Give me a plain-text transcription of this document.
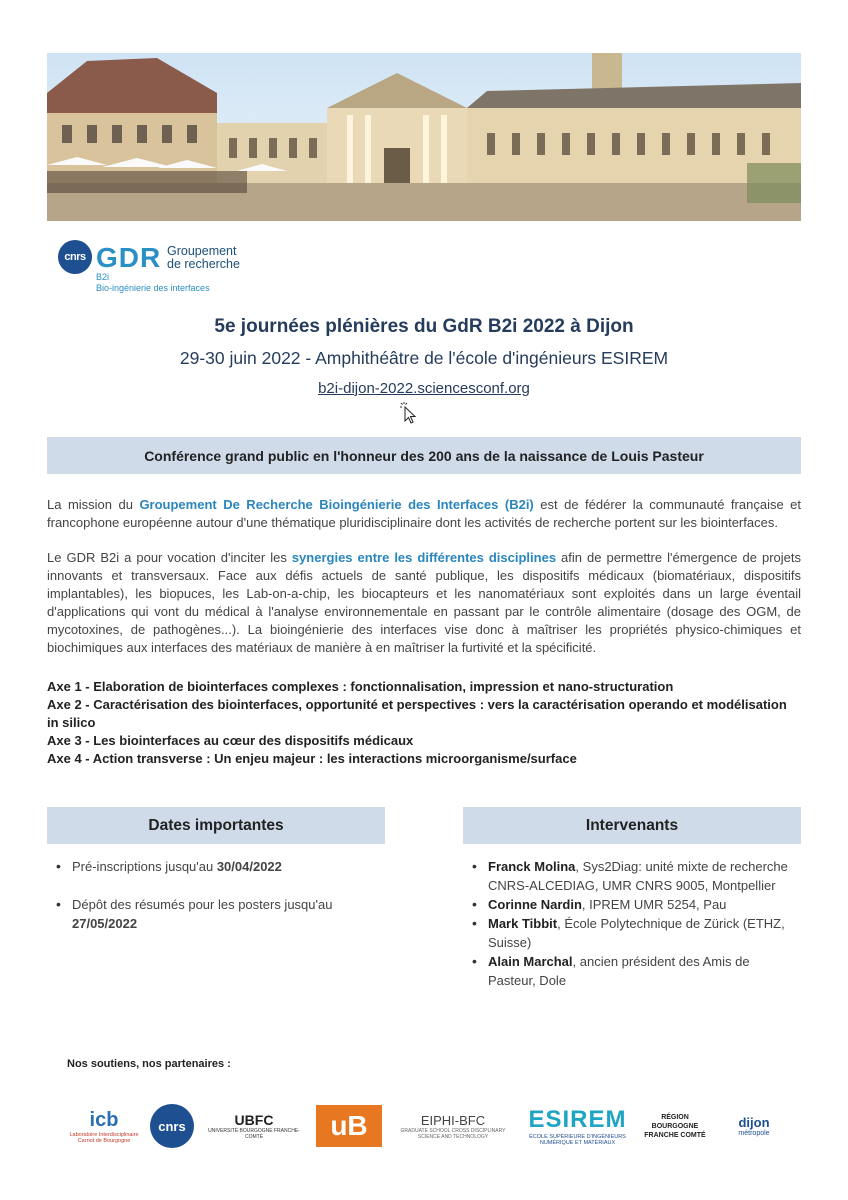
cnrs GDR Groupement
de recherche
B2i
Bio-ingénierie des interfaces
5e journées plénières du GdR B2i 2022 à Dijon
29-30 juin 2022 - Amphithéâtre de l'école d'ingénieurs ESIREM
b2i-dijon-2022.sciencesconf.org
Conférence grand public en l'honneur des 200 ans de la naissance de Louis Pasteur

La mission du Groupement De Recherche Bioingénierie des Interfaces (B2i) est de fédérer la communauté française et francophone européenne autour d'une thématique pluridisciplinaire dont les activités de recherche portent sur les biointerfaces.

Le GDR B2i a pour vocation d'inciter les synergies entre les différentes disciplines afin de permettre l'émergence de projets innovants et transversaux. Face aux défis actuels de santé publique, les dispositifs médicaux (biomatériaux, dispositifs implantables), les biopuces, les Lab-on-a-chip, les biocapteurs et les nanomatériaux sont exploités dans un large éventail d'applications qui vont du médical à l'analyse environnementale en passant par le contrôle alimentaire (dosage des OGM, de mycotoxines, de pathogènes...). La bioingénierie des interfaces vise donc à maîtriser les propriétés physico-chimiques et biochimiques aux interfaces des matériaux de manière à en maîtriser la furtivité et la spécificité.

Axe 1 - Elaboration de biointerfaces complexes : fonctionnalisation, impression et nano-structuration
Axe 2 - Caractérisation des biointerfaces, opportunité et perspectives : vers la caractérisation operando et modélisation in silico
Axe 3 - Les biointerfaces au cœur des dispositifs médicaux
Axe 4 - Action transverse : Un enjeu majeur : les interactions microorganisme/surface
Dates importantes
• Pré-inscriptions jusqu'au 30/04/2022
• Dépôt des résumés pour les posters jusqu'au 27/05/2022
Intervenants
• Franck Molina, Sys2Diag: unité mixte de recherche CNRS-ALCEDIAG, UMR CNRS 9005, Montpellier
• Corinne Nardin, IPREM UMR 5254, Pau
• Mark Tibbit, École Polytechnique de Zürick (ETHZ, Suisse)
• Alain Marchal, ancien président des Amis de Pasteur, Dole
Nos soutiens, nos partenaires :
icb
Laboratoire Interdisciplinaire Carnot de Bourgogne
cnrs	UBFC
UNIVERSITÉ BOURGOGNE FRANCHE-COMTÉ	uB	EIPHI-BFC
GRADUATE SCHOOL CROSS DISCIPLINARY SCIENCE AND TECHNOLOGY
ESIREM
ÉCOLE SUPÉRIEURE D'INGÉNIEURS NUMÉRIQUE ET MATÉRIAUX
RÉGION BOURGOGNE FRANCHE COMTÉ
dijon
métropole
